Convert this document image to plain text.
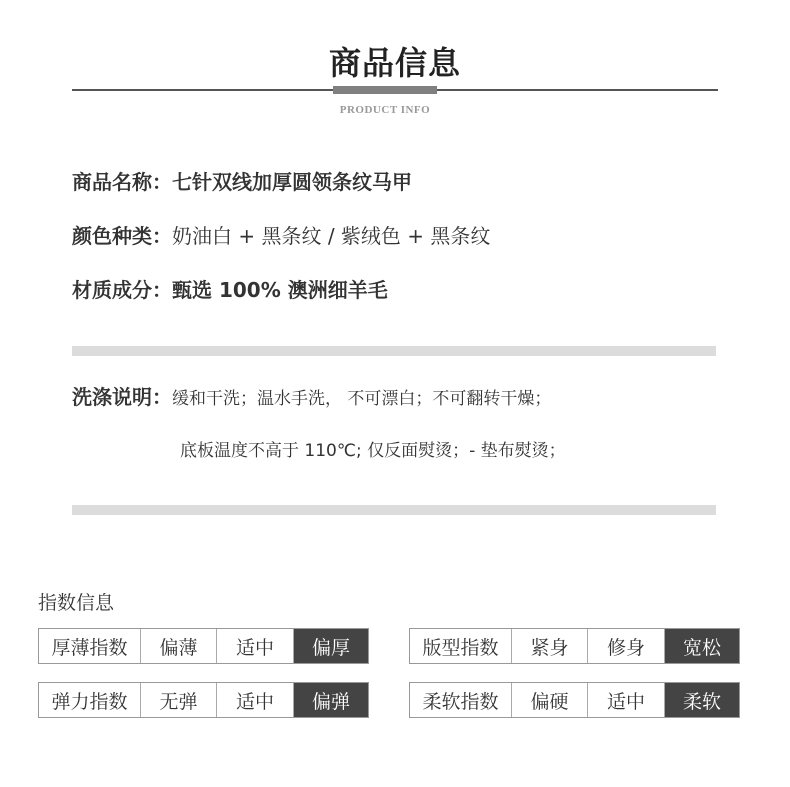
商品信息
PRODUCT INFO
商品名称：七针双线加厚圆领条纹马甲
颜色种类：奶油白 + 黑条纹 / 紫绒色 + 黑条纹
材质成分：甄选 100% 澳洲细羊毛
洗涤说明：缓和干洗；温水手洗， 不可漂白；不可翻转干燥；
底板温度不高于 110℃; 仅反面熨烫；- 垫布熨烫；
指数信息
厚薄指数	偏薄	适中	偏厚
弹力指数	无弹	适中	偏弹
版型指数	紧身	修身	宽松
柔软指数	偏硬	适中	柔软
